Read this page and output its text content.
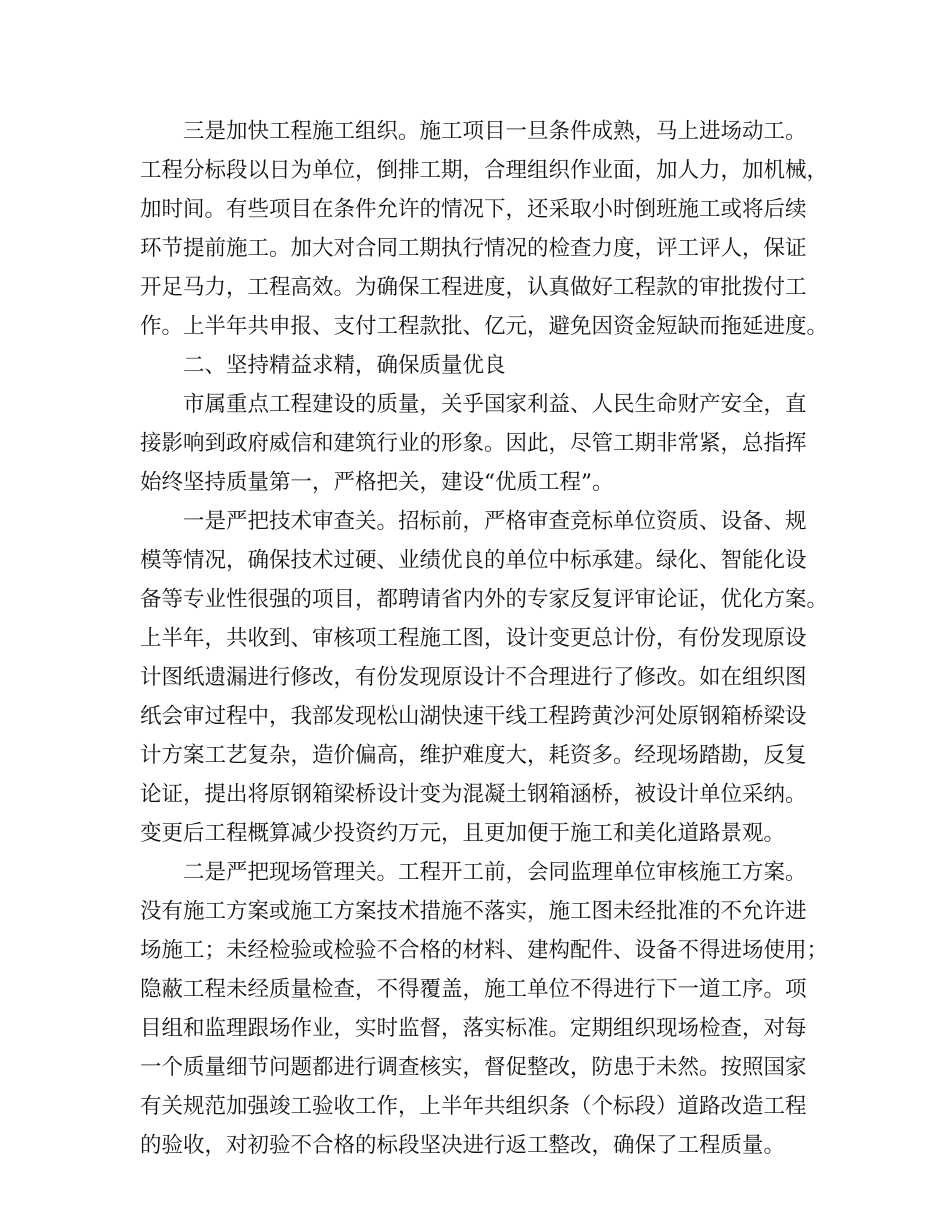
三是加快工程施工组织。施工项目一旦条件成熟，马上进场动工。
工程分标段以日为单位，倒排工期，合理组织作业面，加人力，加机械，
加时间。有些项目在条件允许的情况下，还采取小时倒班施工或将后续
环节提前施工。加大对合同工期执行情况的检查力度，评工评人，保证
开足马力，工程高效。为确保工程进度，认真做好工程款的审批拨付工
作。上半年共申报、支付工程款批、亿元，避免因资金短缺而拖延进度。
二、坚持精益求精，确保质量优良
市属重点工程建设的质量，关乎国家利益、人民生命财产安全，直
接影响到政府威信和建筑行业的形象。因此，尽管工期非常紧，总指挥
始终坚持质量第一，严格把关，建设“优质工程”。
一是严把技术审查关。招标前，严格审查竞标单位资质、设备、规
模等情况，确保技术过硬、业绩优良的单位中标承建。绿化、智能化设
备等专业性很强的项目，都聘请省内外的专家反复评审论证，优化方案。
上半年，共收到、审核项工程施工图，设计变更总计份，有份发现原设
计图纸遗漏进行修改，有份发现原设计不合理进行了修改。如在组织图
纸会审过程中，我部发现松山湖快速干线工程跨黄沙河处原钢箱桥梁设
计方案工艺复杂，造价偏高，维护难度大，耗资多。经现场踏勘，反复
论证，提出将原钢箱梁桥设计变为混凝土钢箱涵桥，被设计单位采纳。
变更后工程概算减少投资约万元，且更加便于施工和美化道路景观。
二是严把现场管理关。工程开工前，会同监理单位审核施工方案。
没有施工方案或施工方案技术措施不落实，施工图未经批准的不允许进
场施工；未经检验或检验不合格的材料、建构配件、设备不得进场使用；
隐蔽工程未经质量检查，不得覆盖，施工单位不得进行下一道工序。项
目组和监理跟场作业，实时监督，落实标准。定期组织现场检查，对每
一个质量细节问题都进行调查核实，督促整改，防患于未然。按照国家
有关规范加强竣工验收工作，上半年共组织条（个标段）道路改造工程
的验收，对初验不合格的标段坚决进行返工整改，确保了工程质量。
